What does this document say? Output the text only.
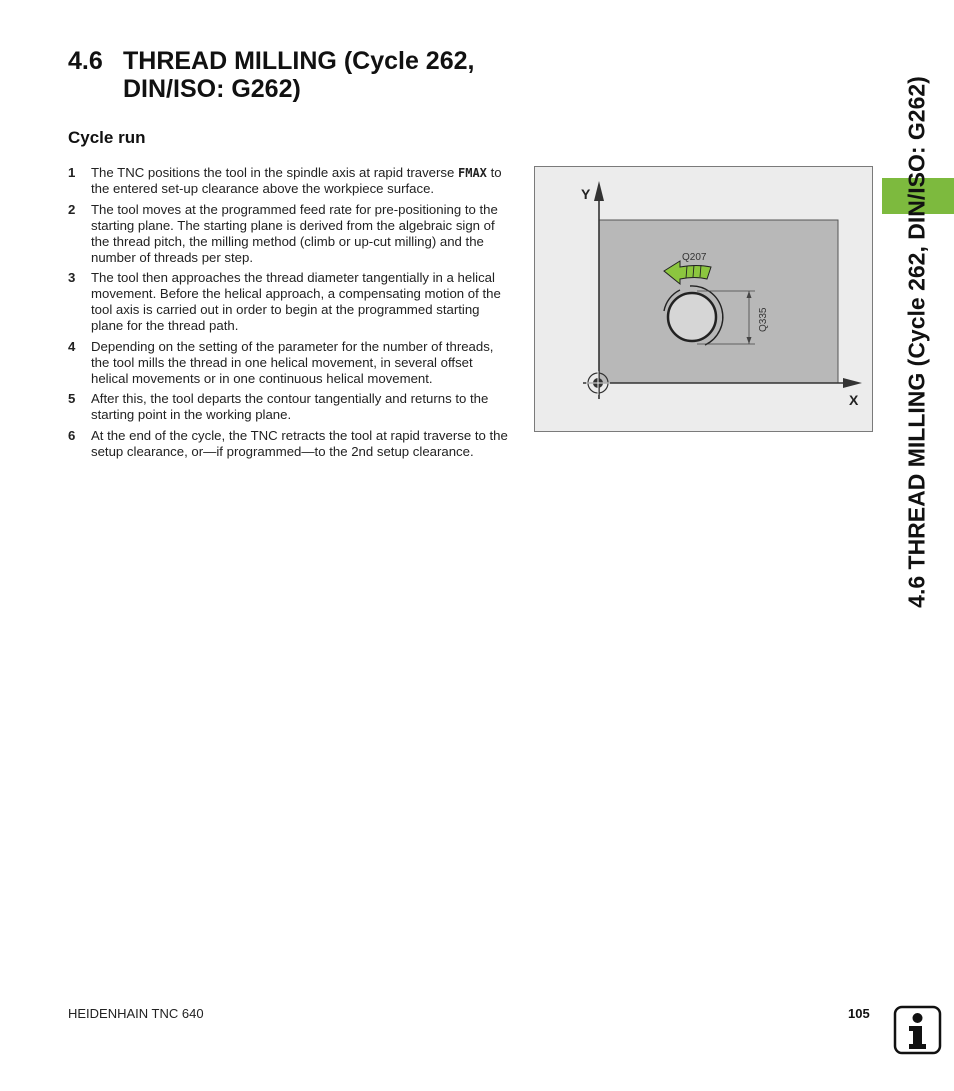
4.6 THREAD MILLING (Cycle 262,
DIN/ISO: G262)
Cycle run
1 The TNC positions the tool in the spindle axis at rapid traverse FMAX to the entered set-up clearance above the workpiece surface.
2 The tool moves at the programmed feed rate for pre-positioning to the starting plane. The starting plane is derived from the algebraic sign of the thread pitch, the milling method (climb or up-cut milling) and the number of threads per step.
3 The tool then approaches the thread diameter tangentially in a helical movement. Before the helical approach, a compensating motion of the tool axis is carried out in order to begin at the programmed starting plane for the thread path.
4 Depending on the setting of the parameter for the number of threads, the tool mills the thread in one helical movement, in several offset helical movements or in one continuous helical movement.
5 After this, the tool departs the contour tangentially and returns to the starting point in the working plane.
6 At the end of the cycle, the TNC retracts the tool at rapid traverse to the setup clearance, or—if programmed—to the 2nd setup clearance.
Y
X
Q335
Q207	4.6 THREAD MILLING (Cycle 262, DIN/ISO: G262)
HEIDENHAIN TNC 640	105
